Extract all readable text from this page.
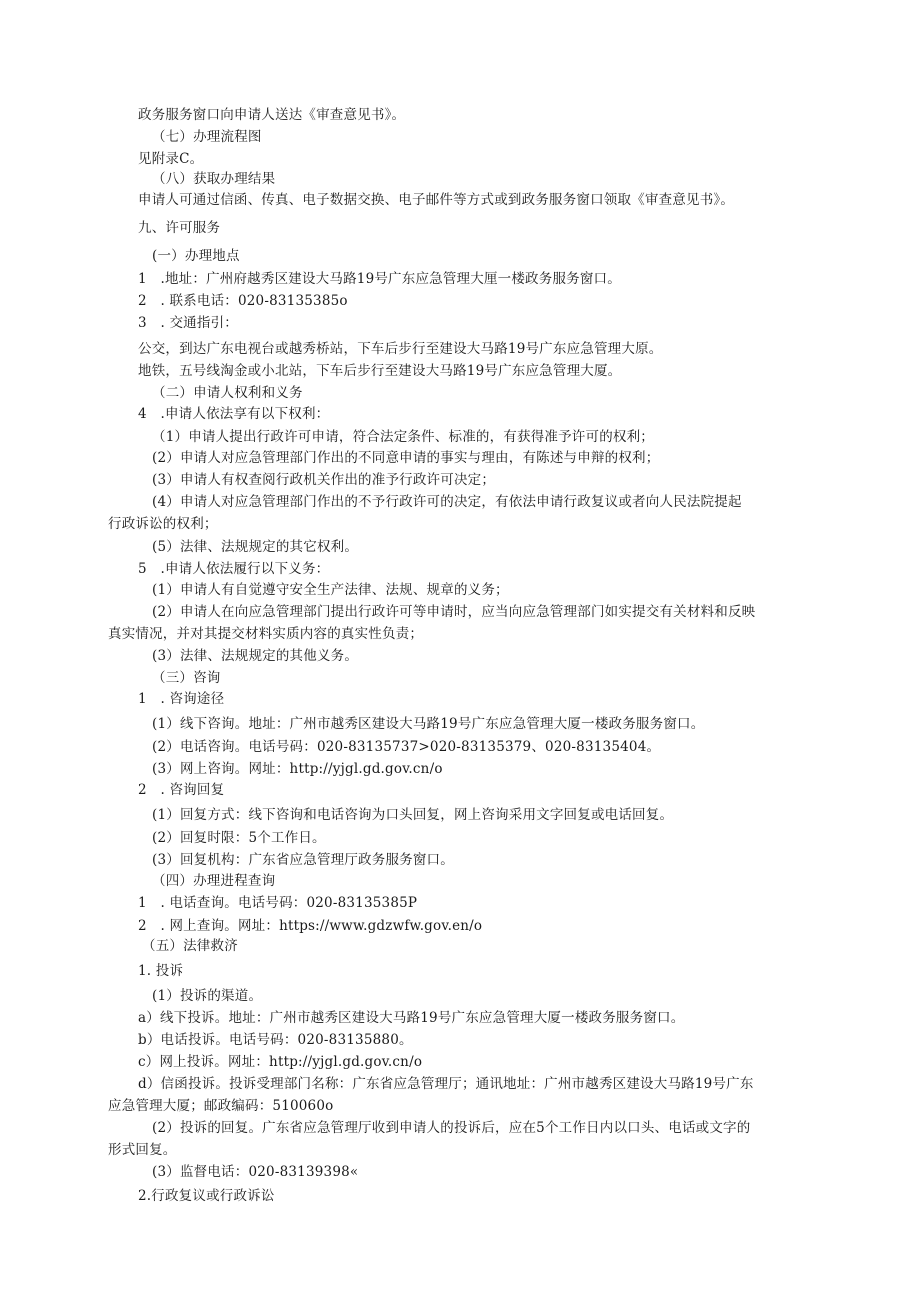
政务服务窗口向申请人送达《审查意见书》。
（七）办理流程图
见附录C。
（八）获取办理结果
申请人可通过信函、传真、电子数据交换、电子邮件等方式或到政务服务窗口领取《审查意见书》。
九、许可服务
(一）办理地点
1　.地址：广州府越秀区建设大马路19号广东应急管理大厘一楼政务服务窗口。
2　. 联系电话：020-83135385o
3　. 交通指引：
公交，到达广东电视台或越秀桥站，下车后步行至建设大马路19号广东应急管理大原。
地铁，五号线淘金或小北站，下车后步行至建设大马路19号广东应急管理大厦。
（二）申请人权利和义务
4　.申请人依法享有以下权利：
（1）申请人提出行政许可申请，符合法定条件、标准的，有获得准予许可的权利；
(2）申请人对应急管理部门作出的不同意申请的事实与理由，有陈述与申辩的权利；
(3）申请人有权查阅行政机关作出的准予行政许可决定；
(4）申请人对应急管理部门作出的不予行政许可的决定，有依法申请行政复议或者向人民法院提起
行政诉讼的权利；
(5）法律、法规规定的其它权利。
5　.申请人依法履行以下义务：
(1）申请人有自觉遵守安全生产法律、法规、规章的义务；
(2）申请人在向应急管理部门提出行政许可等申请时，应当向应急管理部门如实提交有关材料和反映
真实情况，并对其提交材料实质内容的真实性负责；
(3）法律、法规规定的其他义务。
（三）咨询
1　. 咨询途径
(1）线下咨询。地址：广州市越秀区建设大马路19号广东应急管理大厦一楼政务服务窗口。
(2）电话咨询。电话号码：020-83135737>020-83135379、020-83135404。
(3）网上咨询。网址：http://yjgl.gd.gov.cn/o
2　. 咨询回复
(1）回复方式：线下咨询和电话咨询为口头回复，网上咨询采用文字回复或电话回复。
(2）回复时限：5个工作日。
(3）回复机构：广东省应急管理厅政务服务窗口。
（四）办理进程查询
1　. 电话查询。电话号码：020-83135385P
2　. 网上查询。网址：https://www.gdzwfw.gov.en/o
（五）法律救济
1. 投诉
(1）投诉的渠道。
a）线下投诉。地址：广州市越秀区建设大马路19号广东应急管理大厦一楼政务服务窗口。
b）电话投诉。电话号码：020-83135880。
c）网上投诉。网址：http://yjgl.gd.gov.cn/o
d）信函投诉。投诉受理部门名称：广东省应急管理厅；通讯地址：广州市越秀区建设大马路19号广东
应急管理大厦；邮政编码：510060o
(2）投诉的回复。广东省应急管理厅收到申请人的投诉后，应在5个工作日内以口头、电话或文字的
形式回复。
(3）监督电话：020-83139398«
2.行政复议或行政诉讼
